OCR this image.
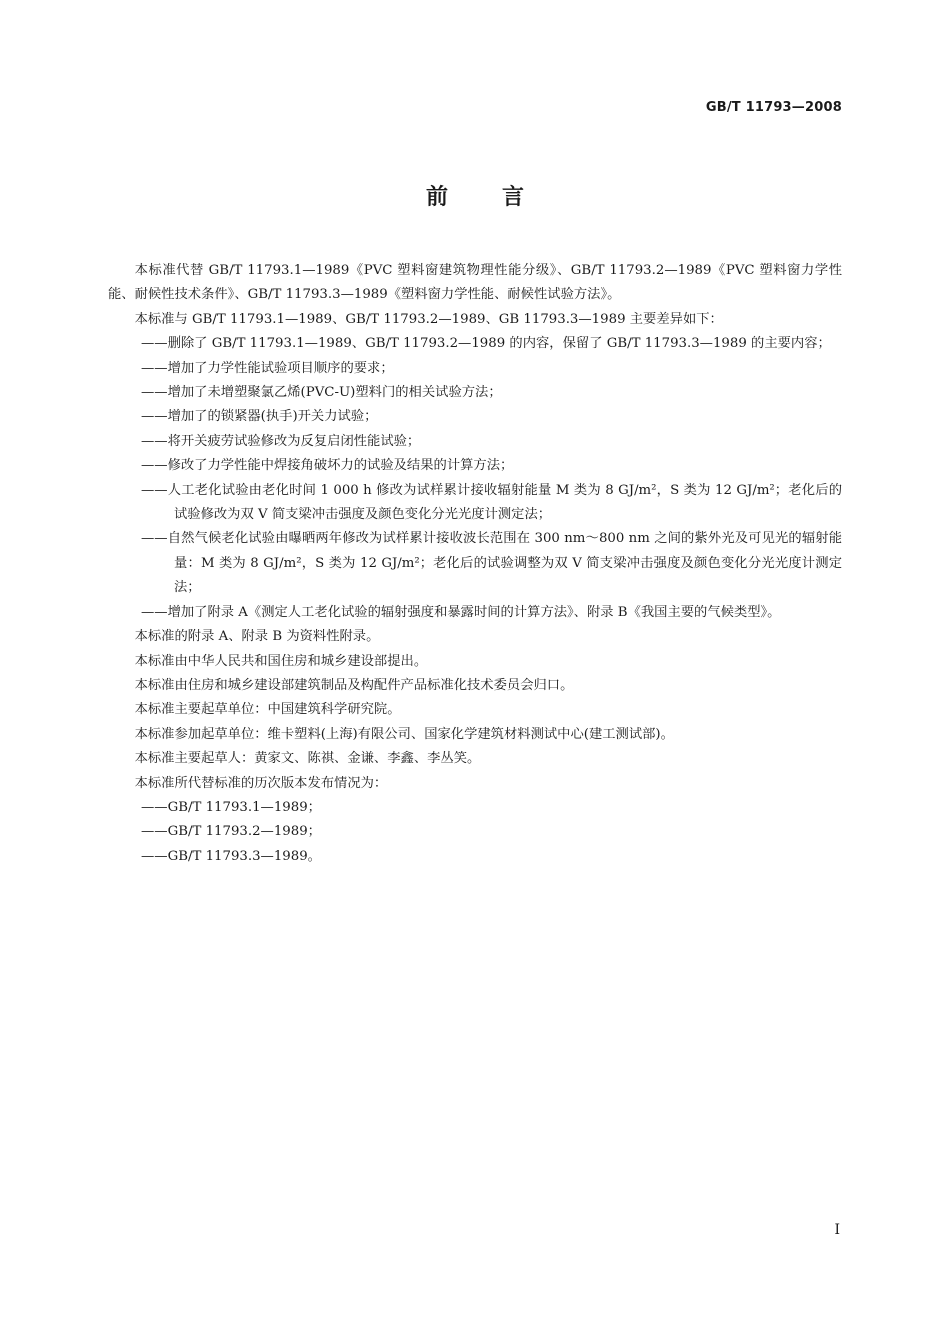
GB/T 11793—2008
前言

本标准代替 GB/T 11793.1—1989《PVC 塑料窗建筑物理性能分级》、GB/T 11793.2—1989《PVC 塑料窗力学性能、耐候性技术条件》、GB/T 11793.3—1989《塑料窗力学性能、耐候性试验方法》。

本标准与 GB/T 11793.1—1989、GB/T 11793.2—1989、GB 11793.3—1989 主要差异如下：

——删除了 GB/T 11793.1—1989、GB/T 11793.2—1989 的内容，保留了 GB/T 11793.3—1989 的主要内容；

——增加了力学性能试验项目顺序的要求；

——增加了未增塑聚氯乙烯(PVC-U)塑料门的相关试验方法；

——增加了的锁紧器(执手)开关力试验；

——将开关疲劳试验修改为反复启闭性能试验；

——修改了力学性能中焊接角破坏力的试验及结果的计算方法；

——人工老化试验由老化时间 1 000 h 修改为试样累计接收辐射能量 M 类为 8 GJ/m²，S 类为 12 GJ/m²；老化后的试验修改为双 V 简支梁冲击强度及颜色变化分光光度计测定法；

——自然气候老化试验由曝晒两年修改为试样累计接收波长范围在 300 nm～800 nm 之间的紫外光及可见光的辐射能量：M 类为 8 GJ/m²，S 类为 12 GJ/m²；老化后的试验调整为双 V 简支梁冲击强度及颜色变化分光光度计测定法；

——增加了附录 A《测定人工老化试验的辐射强度和暴露时间的计算方法》、附录 B《我国主要的气候类型》。

本标准的附录 A、附录 B 为资料性附录。

本标准由中华人民共和国住房和城乡建设部提出。

本标准由住房和城乡建设部建筑制品及构配件产品标准化技术委员会归口。

本标准主要起草单位：中国建筑科学研究院。

本标准参加起草单位：维卡塑料(上海)有限公司、国家化学建筑材料测试中心(建工测试部)。

本标准主要起草人：黄家文、陈祺、金谦、李鑫、李丛笑。

本标准所代替标准的历次版本发布情况为：

——GB/T 11793.1—1989；

——GB/T 11793.2—1989；

——GB/T 11793.3—1989。

I
